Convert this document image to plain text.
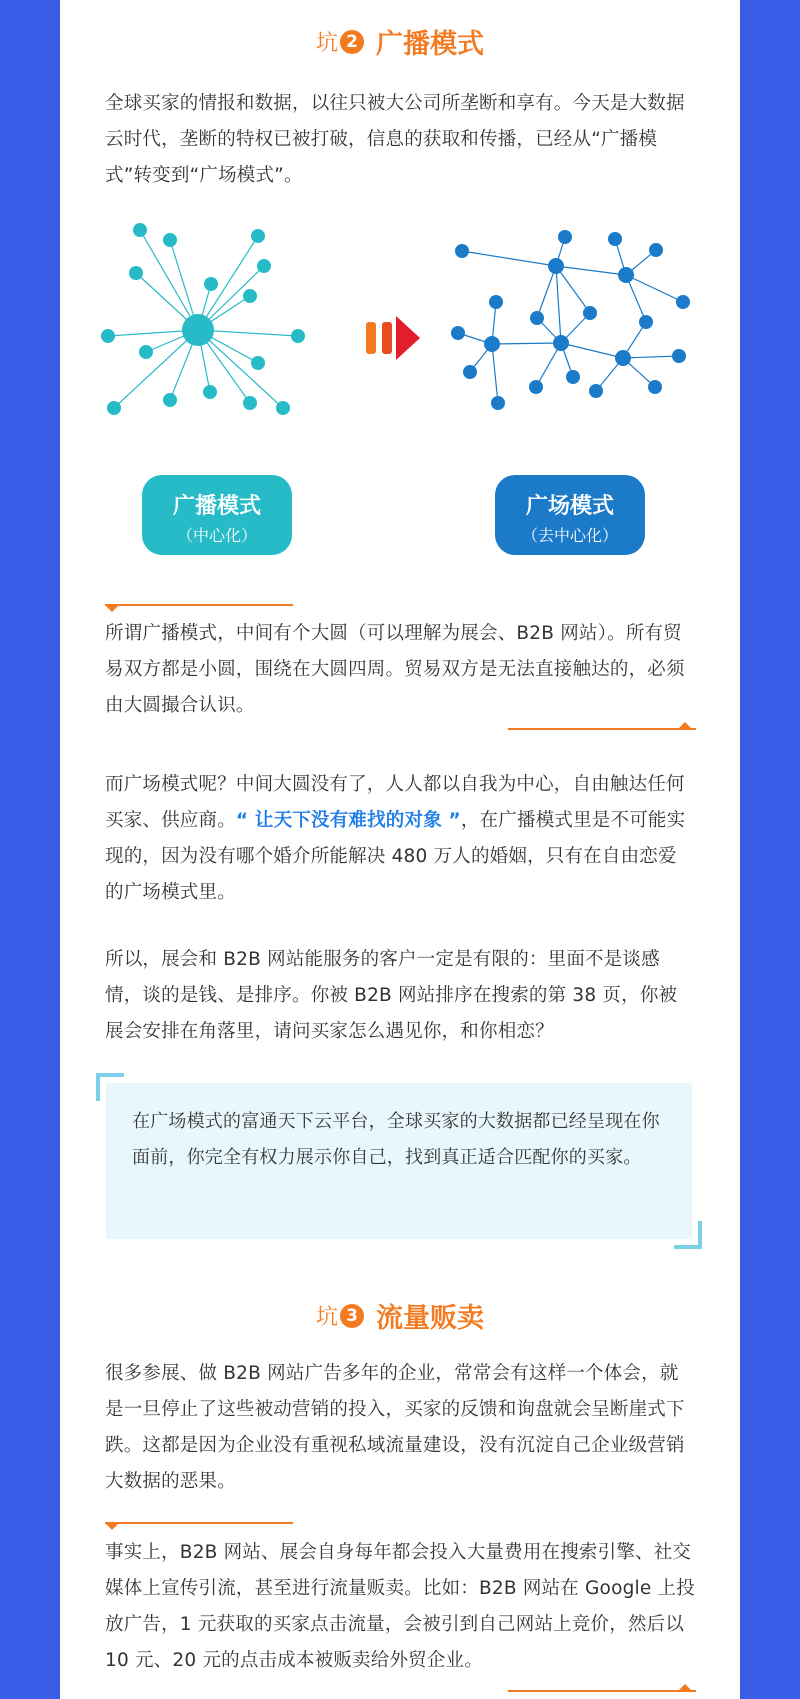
坑 2 广播模式

全球买家的情报和数据，以往只被大公司所垄断和享有。今天是大数据云时代，垄断的特权已被打破，信息的获取和传播，已经从“广播模式”转变到“广场模式”。

广播模式
（中心化）
广场模式
（去中心化）

所谓广播模式，中间有个大圆（可以理解为展会、B2B 网站）。所有贸易双方都是小圆，围绕在大圆四周。贸易双方是无法直接触达的，必须由大圆撮合认识。

而广场模式呢？中间大圆没有了，人人都以自我为中心，自由触达任何买家、供应商。“ 让天下没有难找的对象 ”，在广播模式里是不可能实现的，因为没有哪个婚介所能解决 480 万人的婚姻，只有在自由恋爱的广场模式里。

所以，展会和 B2B 网站能服务的客户一定是有限的：里面不是谈感情，谈的是钱、是排序。你被 B2B 网站排序在搜索的第 38 页，你被展会安排在角落里，请问买家怎么遇见你，和你相恋？

在广场模式的富通天下云平台，全球买家的大数据都已经呈现在你面前，你完全有权力展示你自己，找到真正适合匹配你的买家。

坑 3 流量贩卖

很多参展、做 B2B 网站广告多年的企业，常常会有这样一个体会，就是一旦停止了这些被动营销的投入，买家的反馈和询盘就会呈断崖式下跌。这都是因为企业没有重视私域流量建设，没有沉淀自己企业级营销大数据的恶果。

事实上，B2B 网站、展会自身每年都会投入大量费用在搜索引擎、社交媒体上宣传引流，甚至进行流量贩卖。比如：B2B 网站在 Google 上投放广告，1 元获取的买家点击流量，会被引到自己网站上竞价，然后以 10 元、20 元的点击成本被贩卖给外贸企业。
